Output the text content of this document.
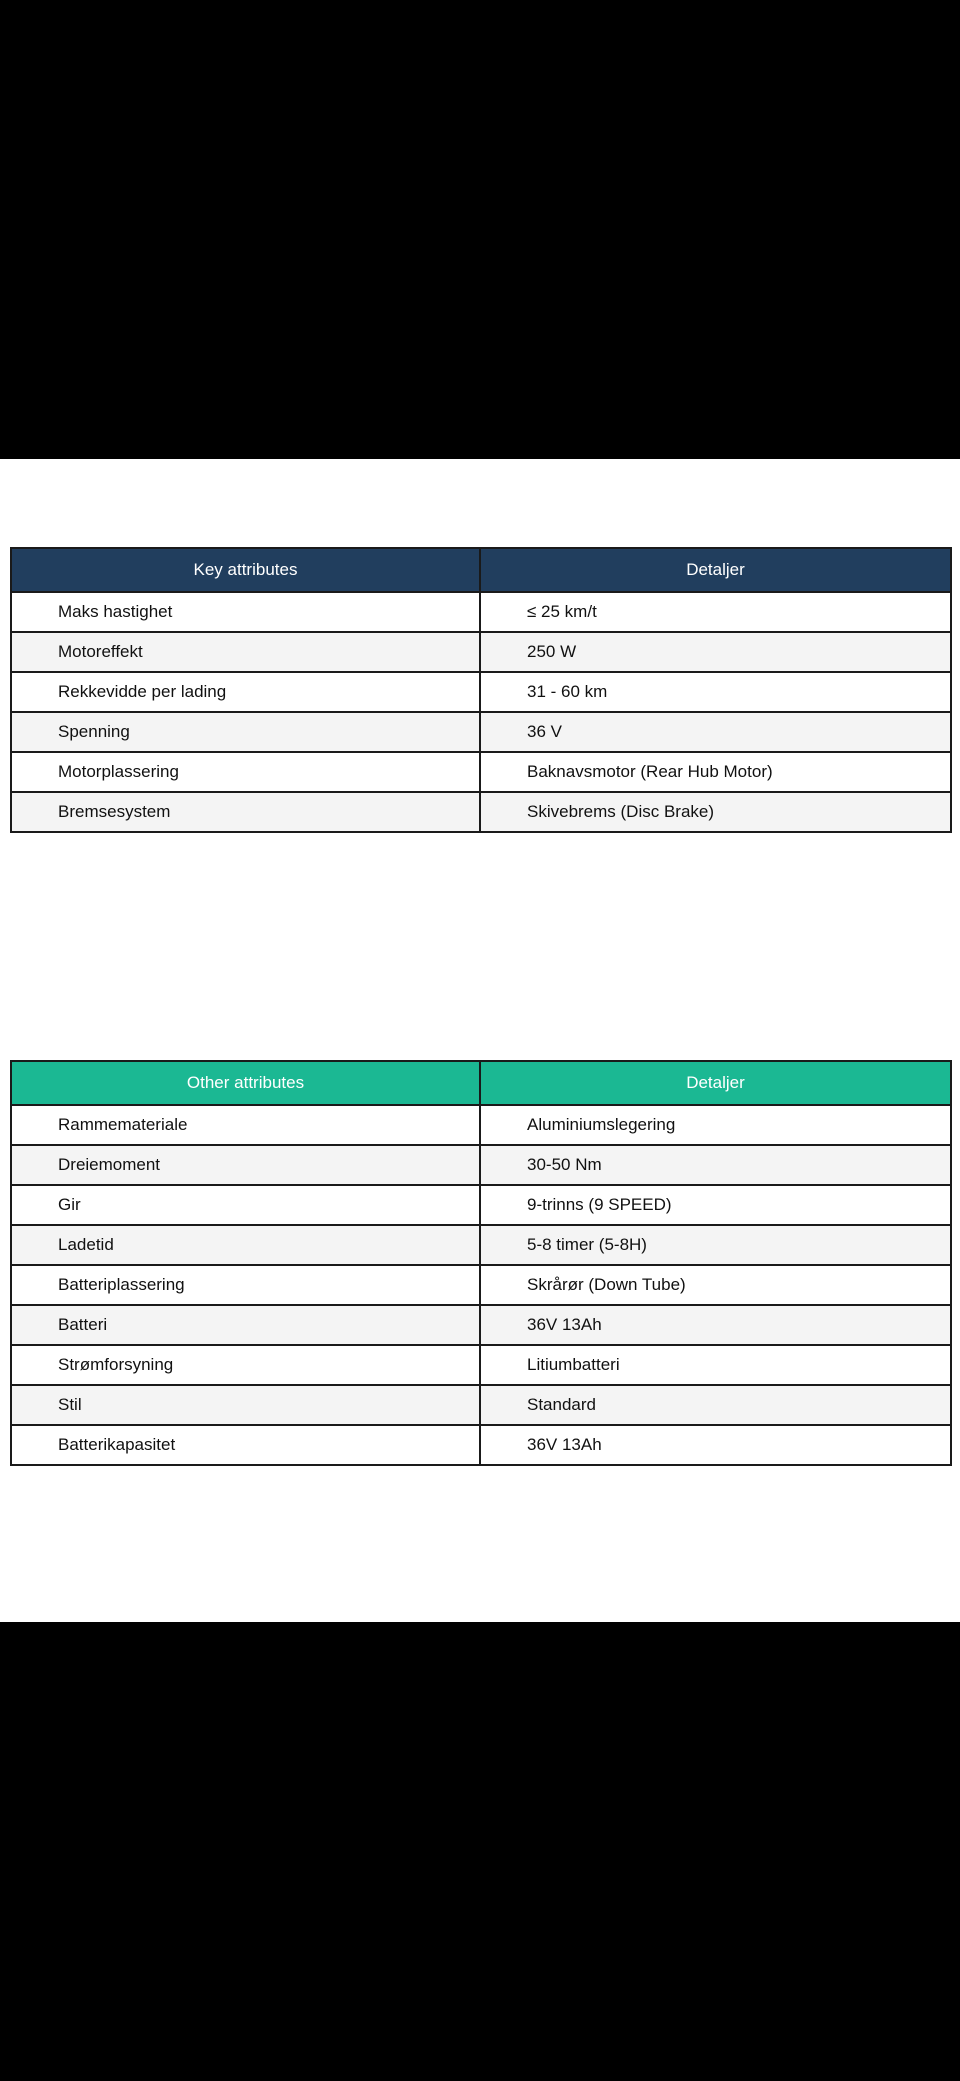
Key attributes	Detaljer
Maks hastighet	≤ 25 km/t
Motoreffekt	250 W
Rekkevidde per lading	31 - 60 km
Spenning	36 V
Motorplassering	Baknavsmotor (Rear Hub Motor)
Bremsesystem	Skivebrems (Disc Brake)
Other attributes	Detaljer
Rammemateriale	Aluminiumslegering
Dreiemoment	30-50 Nm
Gir	9-trinns (9 SPEED)
Ladetid	5-8 timer (5-8H)
Batteriplassering	Skrårør (Down Tube)
Batteri	36V 13Ah
Strømforsyning	Litiumbatteri
Stil	Standard
Batterikapasitet	36V 13Ah
